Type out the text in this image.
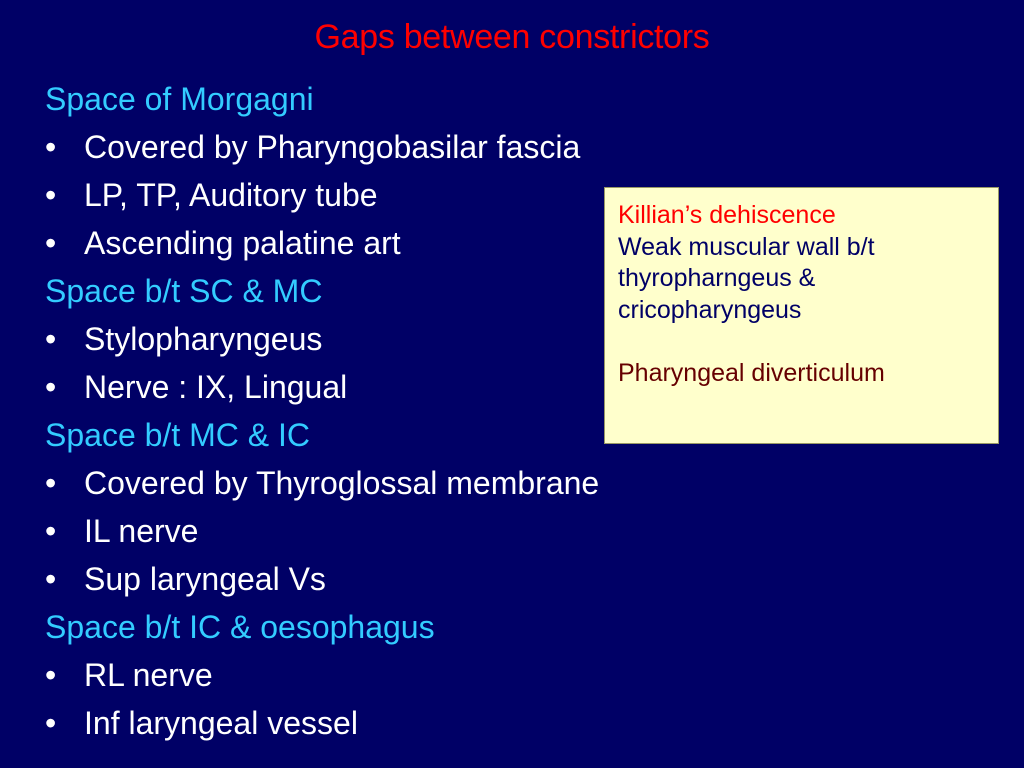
Gaps between constrictors
Space of Morgagni
• Covered by Pharyngobasilar fascia
• LP, TP, Auditory tube
• Ascending palatine art
Space b/t SC & MC
• Stylopharyngeus
• Nerve : IX, Lingual
Space b/t MC & IC
• Covered by Thyroglossal membrane
• IL nerve
• Sup laryngeal Vs
Space b/t IC & oesophagus
• RL nerve
• Inf laryngeal vessel
Killian’s dehiscence
Weak muscular wall b/t
thyropharngeus &
cricopharyngeus
Pharyngeal diverticulum
